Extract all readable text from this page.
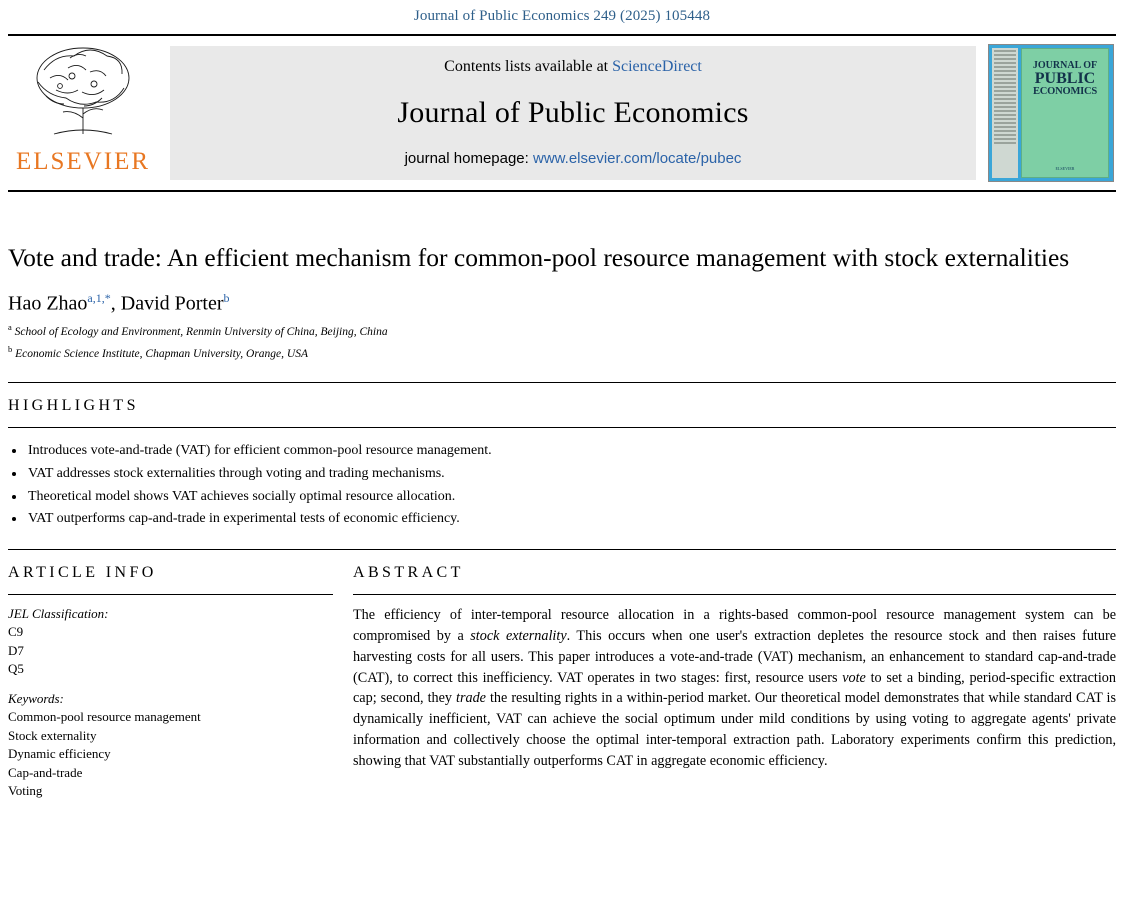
Journal of Public Economics 249 (2025) 105448
ELSEVIER
Contents lists available at ScienceDirect
Journal of Public Economics
journal homepage: www.elsevier.com/locate/pubec
JOURNAL OF
PUBLIC
ECONOMICS
ELSEVIER
Vote and trade: An efficient mechanism for common-pool resource management with stock externalities
Hao Zhao$^{a,1,*}$, David Porter$^b$
$^a$ School of Ecology and Environment, Renmin University of China, Beijing, China
$^b$ Economic Science Institute, Chapman University, Orange, USA
HIGHLIGHTS
• Introduces vote-and-trade (VAT) for efficient common-pool resource management.
• VAT addresses stock externalities through voting and trading mechanisms.
• Theoretical model shows VAT achieves socially optimal resource allocation.
• VAT outperforms cap-and-trade in experimental tests of economic efficiency.
ARTICLE INFO
JEL Classification:
C9
D7
Q5
Keywords:
Common-pool resource management
Stock externality
Dynamic efficiency
Cap-and-trade
Voting
ABSTRACT
The efficiency of inter-temporal resource allocation in a rights-based common-pool resource management system can be compromised by a stock externality. This occurs when one user's extraction depletes the resource stock and then raises future harvesting costs for all users. This paper introduces a vote-and-trade (VAT) mechanism, an enhancement to standard cap-and-trade (CAT), to correct this inefficiency. VAT operates in two stages: first, resource users vote to set a binding, period-specific extraction cap; second, they trade the resulting rights in a within-period market. Our theoretical model demonstrates that while standard CAT is dynamically inefficient, VAT can achieve the social optimum under mild conditions by using voting to aggregate agents' private information and collectively choose the optimal inter-temporal extraction path. Laboratory experiments confirm this prediction, showing that VAT substantially outperforms CAT in aggregate economic efficiency.
